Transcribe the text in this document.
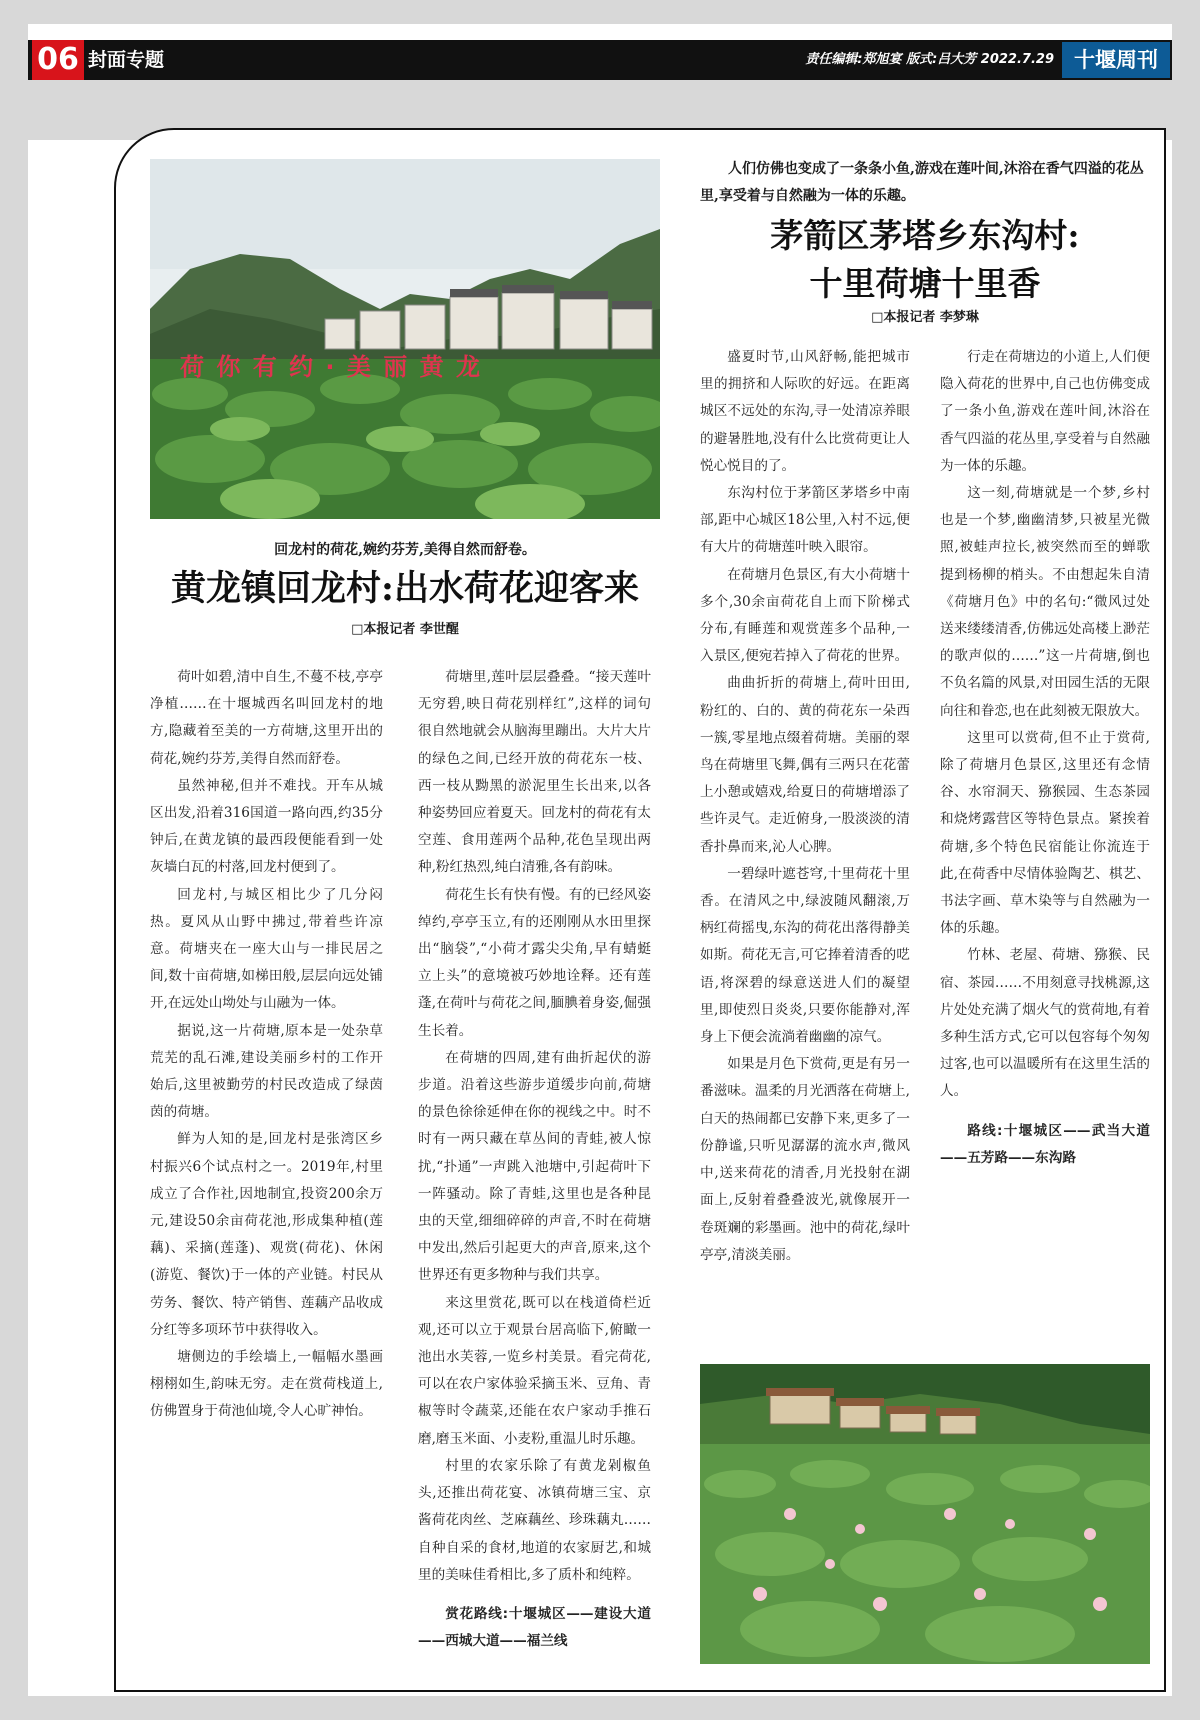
06 封面专题	责任编辑:郑旭宴 版式:吕大芳 2022.7.29 十堰周刊
荷 你 有 约 · 美 丽 黄 龙
回龙村的荷花,婉约芬芳,美得自然而舒卷。
黄龙镇回龙村:出水荷花迎客来
□本报记者 李世醒

荷叶如碧,清中自生,不蔓不枝,亭亭净植……在十堰城西名叫回龙村的地方,隐藏着至美的一方荷塘,这里开出的荷花,婉约芬芳,美得自然而舒卷。

虽然神秘,但并不难找。开车从城区出发,沿着316国道一路向西,约35分钟后,在黄龙镇的最西段便能看到一处灰墙白瓦的村落,回龙村便到了。

回龙村,与城区相比少了几分闷热。夏风从山野中拂过,带着些许凉意。荷塘夹在一座大山与一排民居之间,数十亩荷塘,如梯田般,层层向远处铺开,在远处山坳处与山融为一体。

据说,这一片荷塘,原本是一处杂草荒芜的乱石滩,建设美丽乡村的工作开始后,这里被勤劳的村民改造成了绿茵茵的荷塘。

鲜为人知的是,回龙村是张湾区乡村振兴6个试点村之一。2019年,村里成立了合作社,因地制宜,投资200余万元,建设50余亩荷花池,形成集种植(莲藕)、采摘(莲蓬)、观赏(荷花)、休闲(游览、餐饮)于一体的产业链。村民从劳务、餐饮、特产销售、莲藕产品收成分红等多项环节中获得收入。

塘侧边的手绘墙上,一幅幅水墨画栩栩如生,韵味无穷。走在赏荷栈道上,仿佛置身于荷池仙境,令人心旷神怡。

荷塘里,莲叶层层叠叠。“接天莲叶无穷碧,映日荷花别样红”,这样的词句很自然地就会从脑海里蹦出。大片大片的绿色之间,已经开放的荷花东一枝、西一枝从黝黑的淤泥里生长出来,以各种姿势回应着夏天。回龙村的荷花有太空莲、食用莲两个品种,花色呈现出两种,粉红热烈,纯白清雅,各有韵味。

荷花生长有快有慢。有的已经风姿绰约,亭亭玉立,有的还刚刚从水田里探出“脑袋”,“小荷才露尖尖角,早有蜻蜓立上头”的意境被巧妙地诠释。还有莲蓬,在荷叶与荷花之间,腼腆着身姿,倔强生长着。

在荷塘的四周,建有曲折起伏的游步道。沿着这些游步道缓步向前,荷塘的景色徐徐延伸在你的视线之中。时不时有一两只藏在草丛间的青蛙,被人惊扰,“扑通”一声跳入池塘中,引起荷叶下一阵骚动。除了青蛙,这里也是各种昆虫的天堂,细细碎碎的声音,不时在荷塘中发出,然后引起更大的声音,原来,这个世界还有更多物种与我们共享。

来这里赏花,既可以在栈道倚栏近观,还可以立于观景台居高临下,俯瞰一池出水芙蓉,一览乡村美景。看完荷花,可以在农户家体验采摘玉米、豆角、青椒等时令蔬菜,还能在农户家动手推石磨,磨玉米面、小麦粉,重温儿时乐趣。

村里的农家乐除了有黄龙剁椒鱼头,还推出荷花宴、冰镇荷塘三宝、京酱荷花肉丝、芝麻藕丝、珍珠藕丸……自种自采的食材,地道的农家厨艺,和城里的美味佳肴相比,多了质朴和纯粹。

赏花路线:十堰城区——建设大道——西城大道——福兰线

人们仿佛也变成了一条条小鱼,游戏在莲叶间,沐浴在香气四溢的花丛里,享受着与自然融为一体的乐趣。
茅箭区茅塔乡东沟村:
十里荷塘十里香
□本报记者 李梦琳

盛夏时节,山风舒畅,能把城市里的拥挤和人际吹的好远。在距离城区不远处的东沟,寻一处清凉养眼的避暑胜地,没有什么比赏荷更让人悦心悦目的了。

东沟村位于茅箭区茅塔乡中南部,距中心城区18公里,入村不远,便有大片的荷塘莲叶映入眼帘。

在荷塘月色景区,有大小荷塘十多个,30余亩荷花自上而下阶梯式分布,有睡莲和观赏莲多个品种,一入景区,便宛若掉入了荷花的世界。

曲曲折折的荷塘上,荷叶田田,粉红的、白的、黄的荷花东一朵西一簇,零星地点缀着荷塘。美丽的翠鸟在荷塘里飞舞,偶有三两只在花蕾上小憩或嬉戏,给夏日的荷塘增添了些许灵气。走近俯身,一股淡淡的清香扑鼻而来,沁人心脾。

一碧绿叶遮苍穹,十里荷花十里香。在清风之中,绿波随风翻滚,万柄红荷摇曳,东沟的荷花出落得静美如斯。荷花无言,可它捧着清香的呓语,将深碧的绿意送进人们的凝望里,即使烈日炎炎,只要你能静对,浑身上下便会流淌着幽幽的凉气。

如果是月色下赏荷,更是有另一番滋味。温柔的月光洒落在荷塘上,白天的热闹都已安静下来,更多了一份静谧,只听见潺潺的流水声,微风中,送来荷花的清香,月光投射在湖面上,反射着叠叠波光,就像展开一卷斑斓的彩墨画。池中的荷花,绿叶亭亭,清淡美丽。

行走在荷塘边的小道上,人们便隐入荷花的世界中,自己也仿佛变成了一条小鱼,游戏在莲叶间,沐浴在香气四溢的花丛里,享受着与自然融为一体的乐趣。

这一刻,荷塘就是一个梦,乡村也是一个梦,幽幽清梦,只被星光微照,被蛙声拉长,被突然而至的蝉歌提到杨柳的梢头。不由想起朱自清《荷塘月色》中的名句:“微风过处送来缕缕清香,仿佛远处高楼上渺茫的歌声似的……”这一片荷塘,倒也不负名篇的风景,对田园生活的无限向往和眷恋,也在此刻被无限放大。

这里可以赏荷,但不止于赏荷,除了荷塘月色景区,这里还有念情谷、水帘洞天、猕猴园、生态茶园和烧烤露营区等特色景点。紧挨着荷塘,多个特色民宿能让你流连于此,在荷香中尽情体验陶艺、棋艺、书法字画、草木染等与自然融为一体的乐趣。

竹林、老屋、荷塘、猕猴、民宿、茶园……不用刻意寻找桃源,这片处处充满了烟火气的赏荷地,有着多种生活方式,它可以包容每个匆匆过客,也可以温暖所有在这里生活的人。

路线:十堰城区——武当大道——五芳路——东沟路
